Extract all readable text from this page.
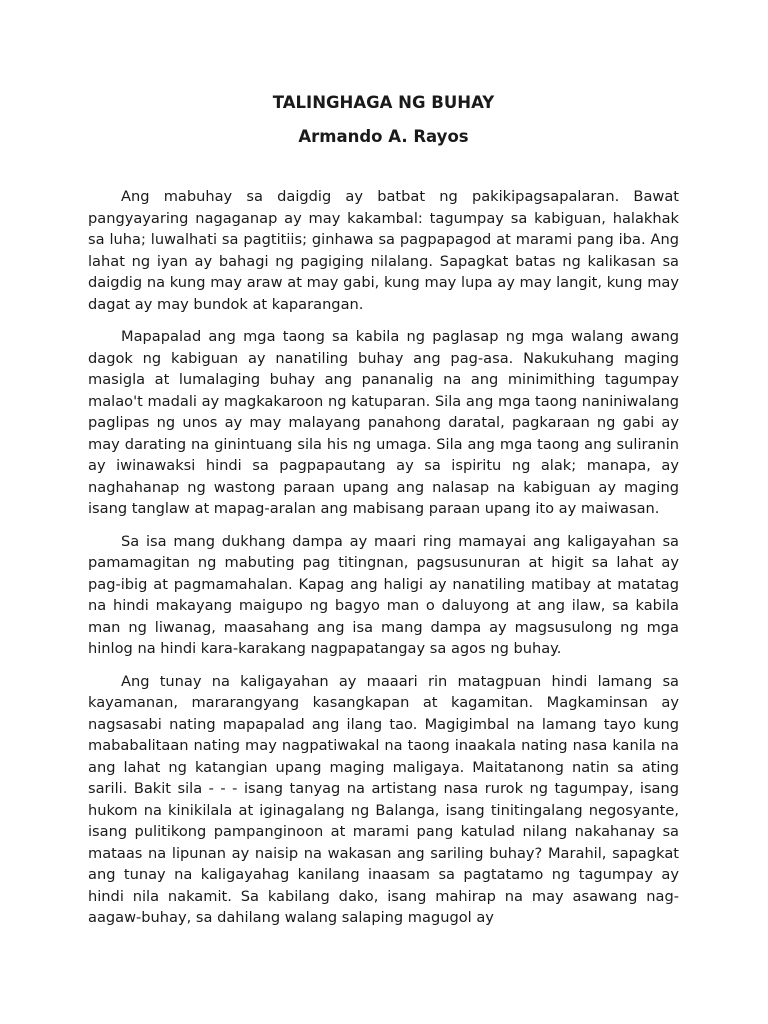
TALINGHAGA NG BUHAY
Armando A. Rayos

Ang mabuhay sa daigdig ay batbat ng pakikipagsapalaran. Bawat pangyayaring nagaganap ay may kakambal: tagumpay sa kabiguan, halakhak sa luha; luwalhati sa pagtitiis; ginhawa sa pagpapagod at marami pang iba. Ang lahat ng iyan ay bahagi ng pagiging nilalang. Sapagkat batas ng kalikasan sa daigdig na kung may araw at may gabi, kung may lupa ay may langit, kung may dagat ay may bundok at kaparangan.

Mapapalad ang mga taong sa kabila ng paglasap ng mga walang awang dagok ng kabiguan ay nanatiling buhay ang pag-asa. Nakukuhang maging masigla at lumalaging buhay ang pananalig na ang minimithing tagumpay malao't madali ay magkakaroon ng katuparan. Sila ang mga taong naniniwalang paglipas ng unos ay may malayang panahong daratal, pagkaraan ng gabi ay may darating na ginintuang sila his ng umaga. Sila ang mga taong ang suliranin ay iwinawaksi hindi sa pagpapautang ay sa ispiritu ng alak; manapa, ay naghahanap ng wastong paraan upang ang nalasap na kabiguan ay maging isang tanglaw at mapag-aralan ang mabisang paraan upang ito ay maiwasan.

Sa isa mang dukhang dampa ay maari ring mamayai ang kaligayahan sa pamamagitan ng mabuting pag titingnan, pagsusunuran at higit sa lahat ay pag-ibig at pagmamahalan. Kapag ang haligi ay nanatiling matibay at matatag na hindi makayang maigupo ng bagyo man o daluyong at ang ilaw, sa kabila man ng liwanag, maasahang ang isa mang dampa ay magsusulong ng mga hinlog na hindi kara-karakang nagpapatangay sa agos ng buhay.

Ang tunay na kaligayahan ay maaari rin matagpuan hindi lamang sa kayamanan, mararangyang kasangkapan at kagamitan. Magkaminsan ay nagsasabi nating mapapalad ang ilang tao. Magigimbal na lamang tayo kung mababalitaan nating may nagpatiwakal na taong inaakala nating nasa kanila na ang lahat ng katangian upang maging maligaya. Maitatanong natin sa ating sarili. Bakit sila - - - isang tanyag na artistang nasa rurok ng tagumpay, isang hukom na kinikilala at iginagalang ng Balanga, isang tinitingalang negosyante, isang pulitikong pampanginoon at marami pang katulad nilang nakahanay sa mataas na lipunan ay naisip na wakasan ang sariling buhay? Marahil, sapagkat ang tunay na kaligayahag kanilang inaasam sa pagtatamo ng tagumpay ay hindi nila nakamit. Sa kabilang dako, isang mahirap na may asawang nag-aagaw-buhay, sa dahilang walang salaping magugol ay
